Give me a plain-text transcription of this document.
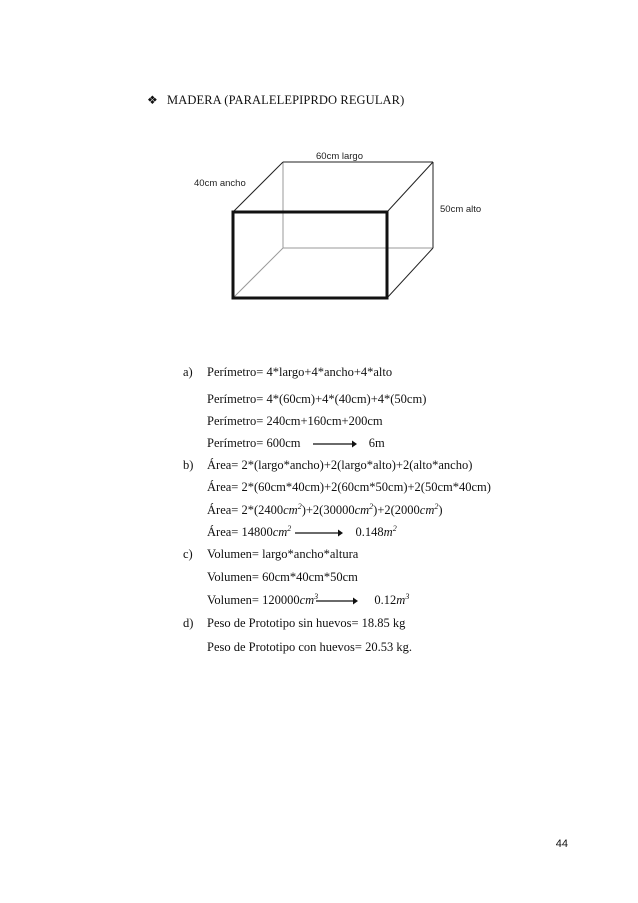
❖ MADERA (PARALELEPIPRDO REGULAR)
60cm largo
40cm ancho
50cm alto
a) Perímetro= 4*largo+4*ancho+4*alto
Perímetro= 4*(60cm)+4*(40cm)+4*(50cm)
Perímetro= 240cm+160cm+200cm
Perímetro= 600cm	6m
b) Área= 2*(largo*ancho)+2(largo*alto)+2(alto*ancho)
Área= 2*(60cm*40cm)+2(60cm*50cm)+2(50cm*40cm)
Área= $2*(2400cm^2)+2(30000cm^2)+2(2000cm^2)$
Área= $14800cm^2$	$0.148m^2$
c) Volumen= largo*ancho*altura
Volumen= 60cm*40cm*50cm
Volumen= $120000cm^3$	$0.12m^3$
d) Peso de Prototipo sin huevos= 18.85 kg
Peso de Prototipo con huevos= 20.53 kg.
44
